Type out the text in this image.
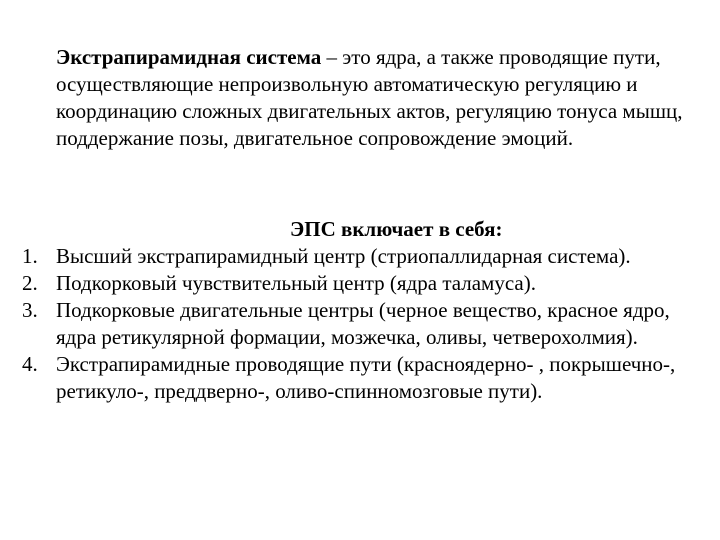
Экстрапирамидная система – это ядра, а также проводящие пути, осуществляющие непроизвольную автоматическую регуляцию и координацию сложных двигательных актов, регуляцию тонуса мышц, поддержание позы, двигательное сопровождение эмоций.

ЭПС включает в себя:
1. Высший экстрапирамидный центр (стриопаллидарная система).
2. Подкорковый чувствительный центр (ядра таламуса).
3. Подкорковые двигательные центры (черное вещество, красное ядро, ядра ретикулярной формации, мозжечка, оливы, четверохолмия).
4. Экстрапирамидные проводящие пути (красноядерно- , покрышечно-, ретикуло-, преддверно-, оливо-спинномозговые пути).
